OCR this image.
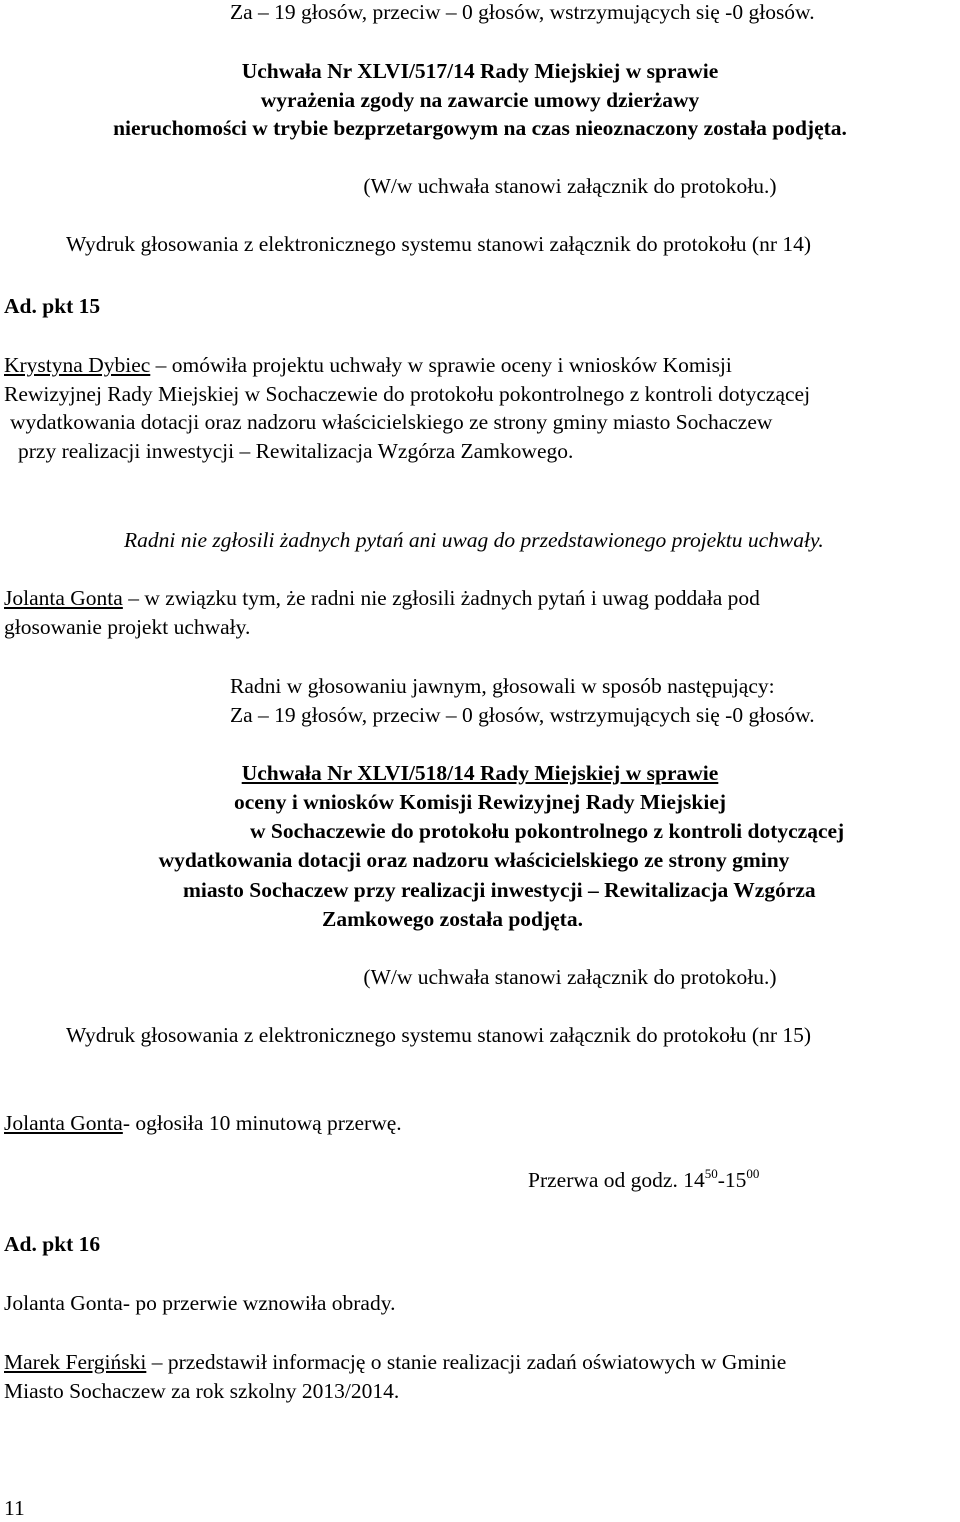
Za – 19 głosów, przeciw – 0 głosów, wstrzymujących się -0 głosów.
Uchwała Nr XLVI/517/14 Rady Miejskiej w sprawie
wyrażenia zgody na zawarcie umowy dzierżawy
nieruchomości w trybie bezprzetargowym na czas nieoznaczony została podjęta.
(W/w uchwała stanowi załącznik do protokołu.)
Wydruk głosowania z elektronicznego systemu stanowi załącznik do protokołu (nr 14)
Ad. pkt 15
Krystyna Dybiec – omówiła projektu uchwały w sprawie oceny i wniosków Komisji
Rewizyjnej Rady Miejskiej w Sochaczewie do protokołu pokontrolnego z kontroli dotyczącej
wydatkowania dotacji oraz nadzoru właścicielskiego ze strony gminy miasto Sochaczew
przy realizacji inwestycji – Rewitalizacja Wzgórza Zamkowego.
Radni nie zgłosili żadnych pytań ani uwag do przedstawionego projektu uchwały.
Jolanta Gonta – w związku tym, że radni nie zgłosili żadnych pytań i uwag poddała pod
głosowanie projekt uchwały.
Radni w głosowaniu jawnym, głosowali w sposób następujący:
Za – 19 głosów, przeciw – 0 głosów, wstrzymujących się -0 głosów.
Uchwała Nr XLVI/518/14 Rady Miejskiej w sprawie
oceny i wniosków Komisji Rewizyjnej Rady Miejskiej
w Sochaczewie do protokołu pokontrolnego z kontroli dotyczącej
wydatkowania dotacji oraz nadzoru właścicielskiego ze strony gminy
miasto Sochaczew przy realizacji inwestycji – Rewitalizacja Wzgórza
Zamkowego została podjęta.
(W/w uchwała stanowi załącznik do protokołu.)
Wydruk głosowania z elektronicznego systemu stanowi załącznik do protokołu (nr 15)
Jolanta Gonta- ogłosiła 10 minutową przerwę.
Przerwa od godz. $14^{50}-15^{00}$
Ad. pkt 16
Jolanta Gonta- po przerwie wznowiła obrady.
Marek Fergiński – przedstawił informację o stanie realizacji zadań oświatowych w Gminie
Miasto Sochaczew za rok szkolny 2013/2014.
11
